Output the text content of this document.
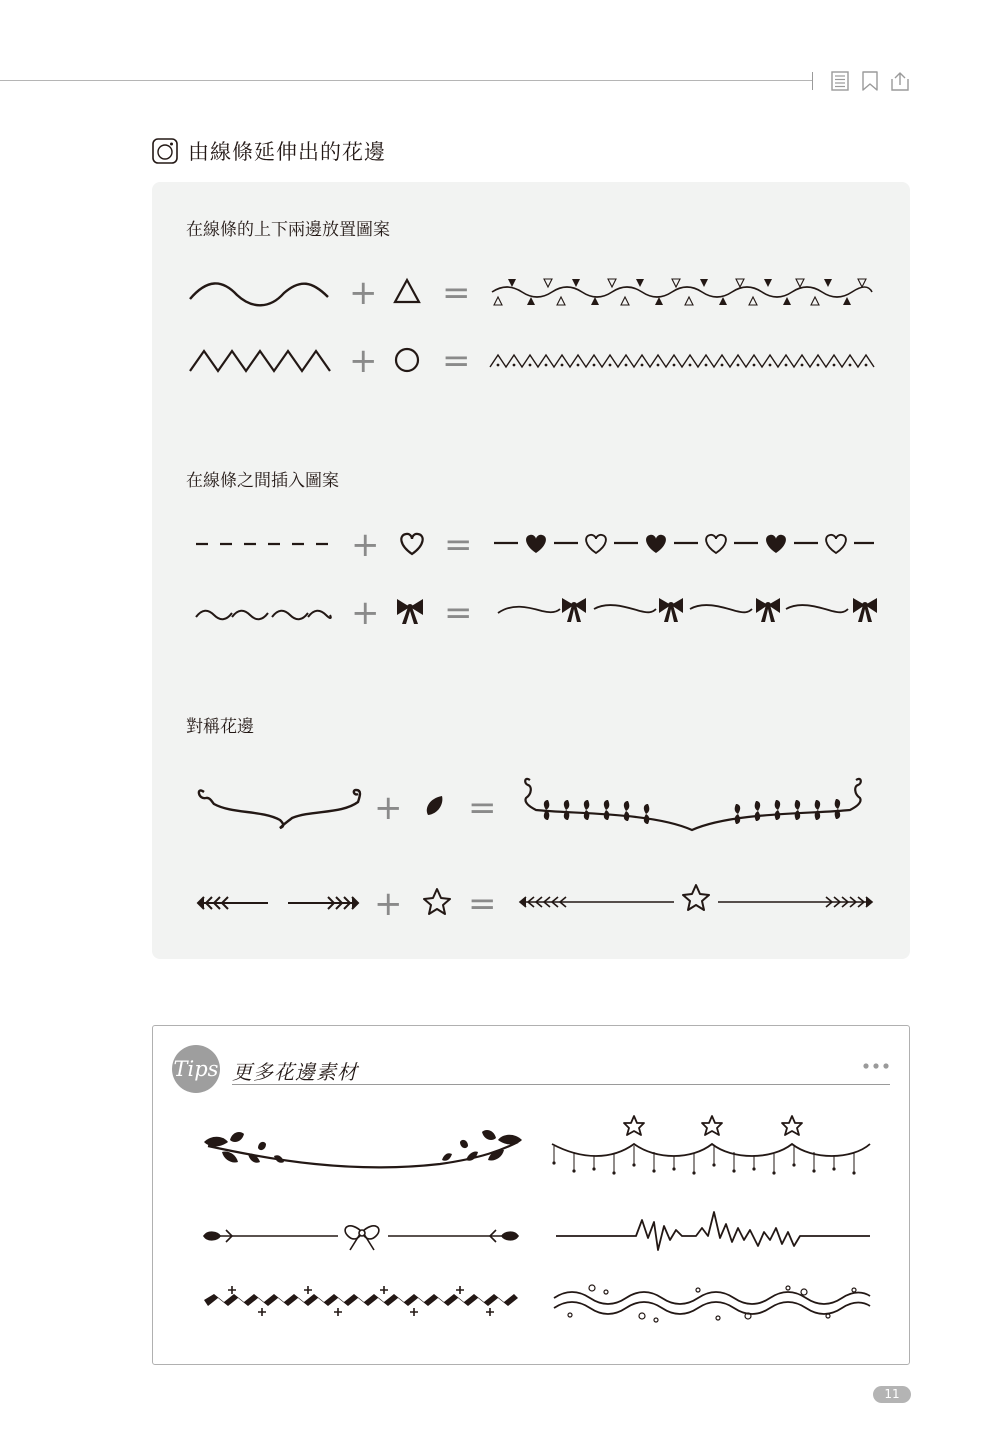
由線條延伸出的花邊
在線條的上下兩邊放置圖案
在線條之間插入圖案
對稱花邊
+ =
+ =
+ =
+ =
+ =
+ =
Tips 更多花邊素材
11
